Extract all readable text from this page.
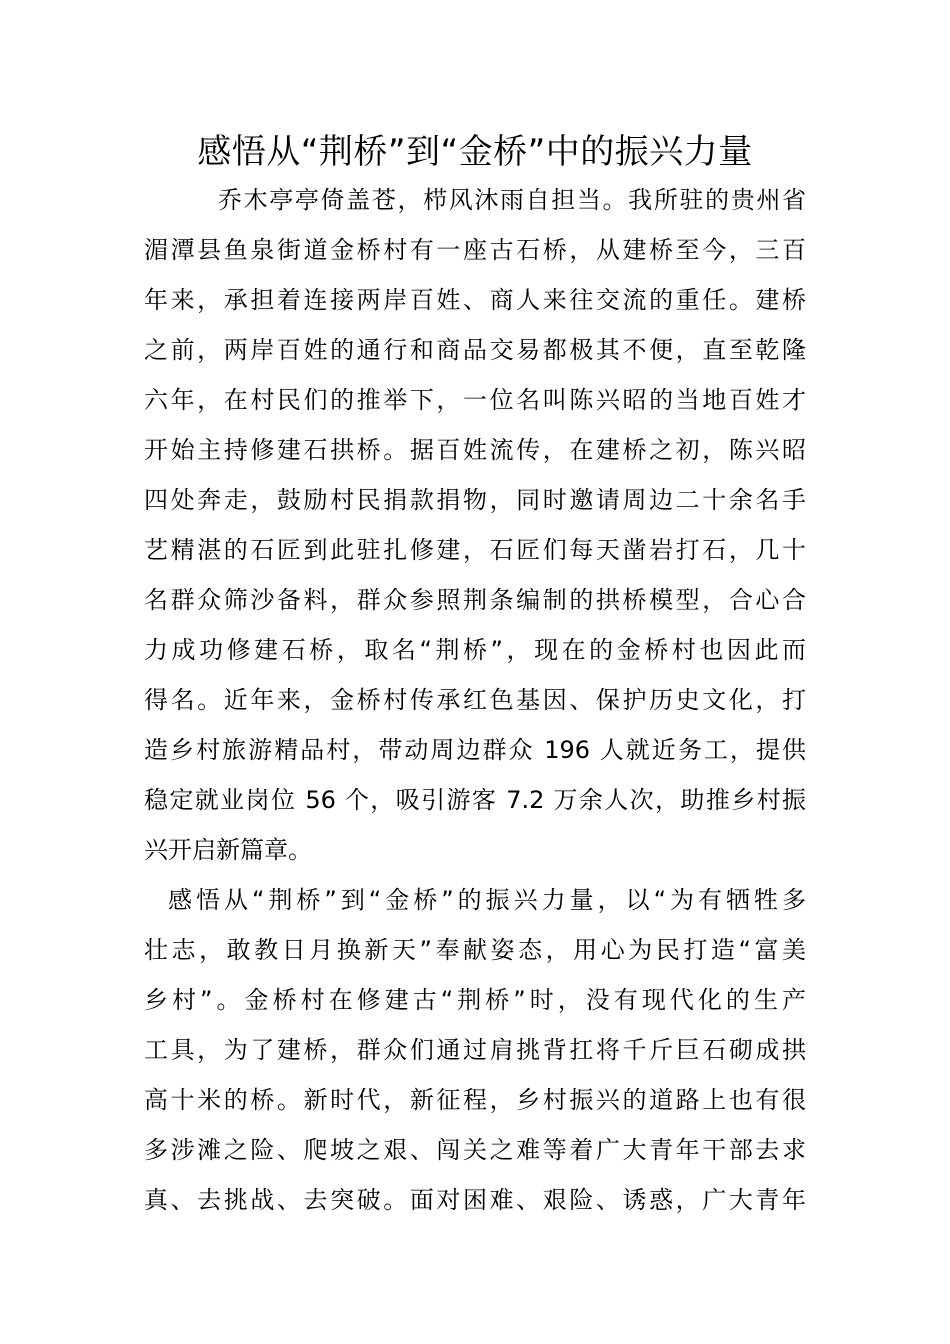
感悟从“荆桥”到“金桥”中的振兴力量
乔木亭亭倚盖苍，栉风沐雨自担当。我所驻的贵州省
湄潭县鱼泉街道金桥村有一座古石桥，从建桥至今，三百
年来，承担着连接两岸百姓、商人来往交流的重任。建桥
之前，两岸百姓的通行和商品交易都极其不便，直至乾隆
六年，在村民们的推举下，一位名叫陈兴昭的当地百姓才
开始主持修建石拱桥。据百姓流传，在建桥之初，陈兴昭
四处奔走，鼓励村民捐款捐物，同时邀请周边二十余名手
艺精湛的石匠到此驻扎修建，石匠们每天凿岩打石，几十
名群众筛沙备料，群众参照荆条编制的拱桥模型，合心合
力成功修建石桥，取名“荆桥”，现在的金桥村也因此而
得名。近年来，金桥村传承红色基因、保护历史文化，打
造乡村旅游精品村，带动周边群众 196 人就近务工，提供
稳定就业岗位 56 个，吸引游客 7.2 万余人次，助推乡村振
兴开启新篇章。
感悟从“荆桥”到“金桥”的振兴力量，以“为有牺牲多
壮志，敢教日月换新天”奉献姿态，用心为民打造“富美
乡村”。金桥村在修建古“荆桥”时，没有现代化的生产
工具，为了建桥，群众们通过肩挑背扛将千斤巨石砌成拱
高十米的桥。新时代，新征程，乡村振兴的道路上也有很
多涉滩之险、爬坡之艰、闯关之难等着广大青年干部去求
真、去挑战、去突破。面对困难、艰险、诱惑，广大青年
